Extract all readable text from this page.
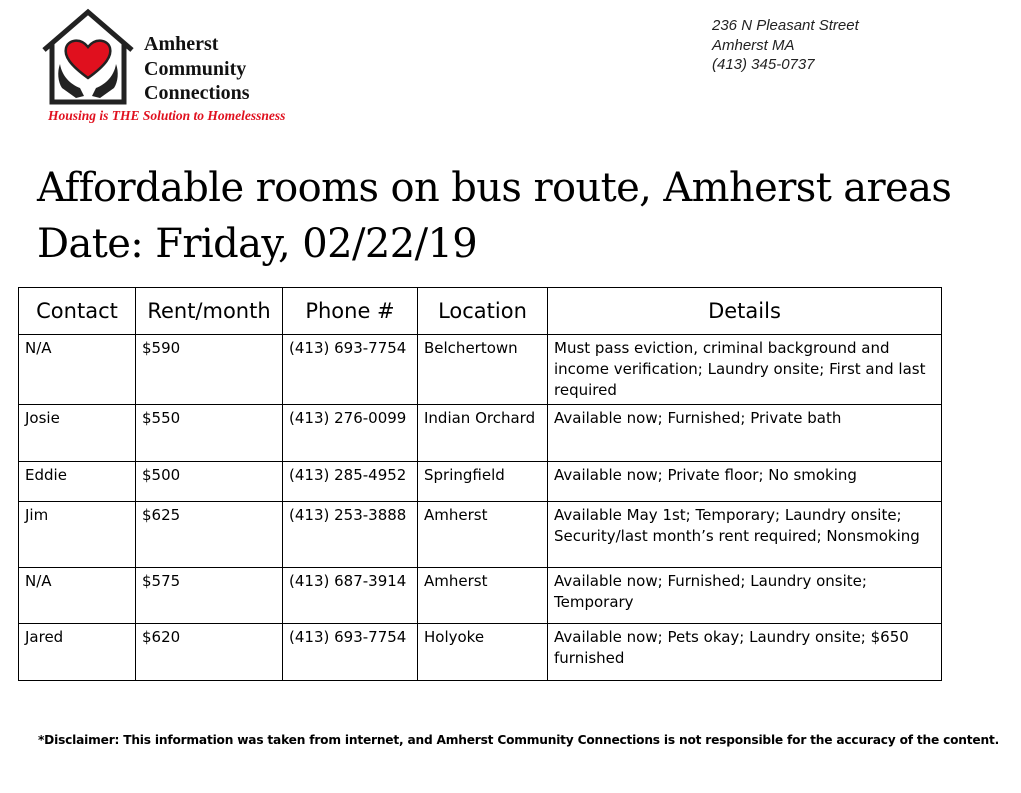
Amherst
Community
Connections
Housing is THE Solution to Homelessness
236 N Pleasant Street
Amherst MA
(413) 345-0737
Affordable rooms on bus route, Amherst areas
Date: Friday, 02/22/19
Contact	Rent/month	Phone #	Location	Details
N/A	$590	(413) 693-7754	Belchertown	Must pass eviction, criminal background and income verification; Laundry onsite; First and last required
Josie	$550	(413) 276-0099	Indian Orchard	Available now; Furnished; Private bath
Eddie	$500	(413) 285-4952	Springfield	Available now; Private floor; No smoking
Jim	$625	(413) 253-3888	Amherst	Available May 1st; Temporary; Laundry onsite; Security/last month’s rent required; Nonsmoking
N/A	$575	(413) 687-3914	Amherst	Available now; Furnished; Laundry onsite; Temporary
Jared	$620	(413) 693-7754	Holyoke	Available now; Pets okay; Laundry onsite; $650 furnished
*Disclaimer: This information was taken from internet, and Amherst Community Connections is not responsible for the accuracy of the content.
